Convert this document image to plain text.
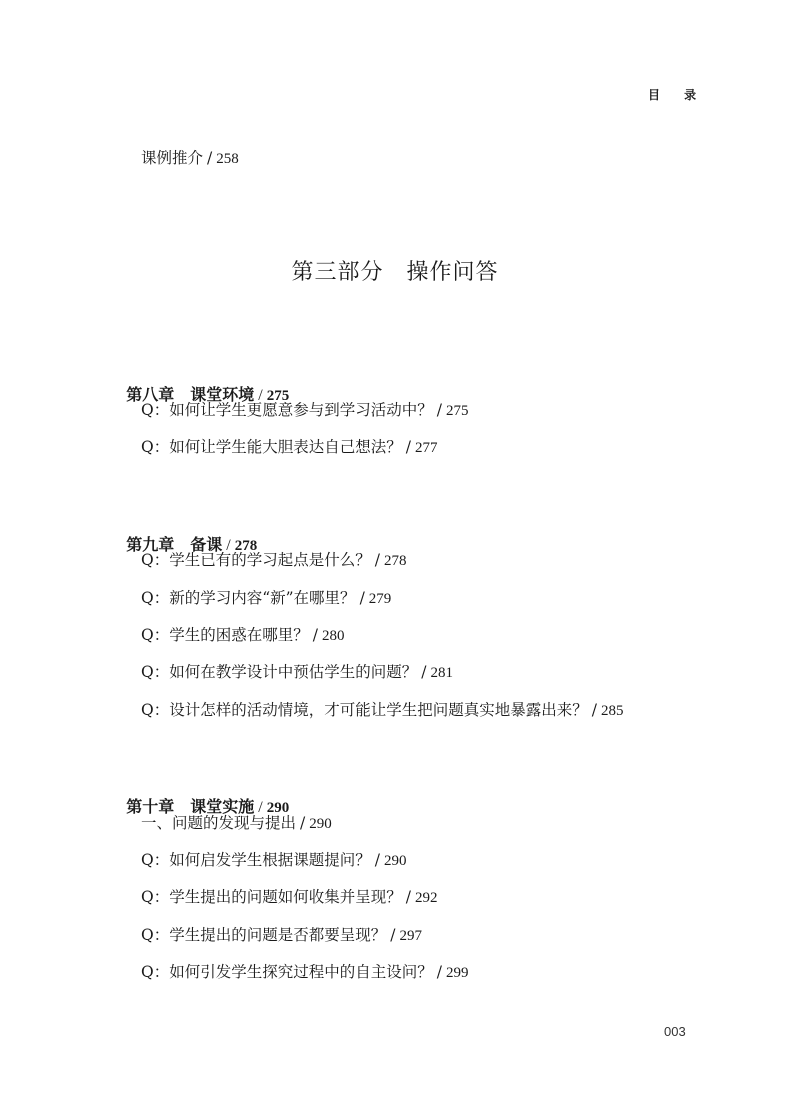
目 录
课例推介 / 258
第三部分　操作问答

第八章　课堂环境 / 275

Q：如何让学生更愿意参与到学习活动中？ / 275
Q：如何让学生能大胆表达自己想法？ / 277

第九章　备课 / 278

Q：学生已有的学习起点是什么？ / 278
Q：新的学习内容“新”在哪里？ / 279
Q：学生的困惑在哪里？ / 280
Q：如何在教学设计中预估学生的问题？ / 281
Q：设计怎样的活动情境，才可能让学生把问题真实地暴露出来？ / 285

第十章　课堂实施 / 290

一、问题的发现与提出 / 290
Q：如何启发学生根据课题提问？ / 290
Q：学生提出的问题如何收集并呈现？ / 292
Q：学生提出的问题是否都要呈现？ / 297
Q：如何引发学生探究过程中的自主设问？ / 299
003
